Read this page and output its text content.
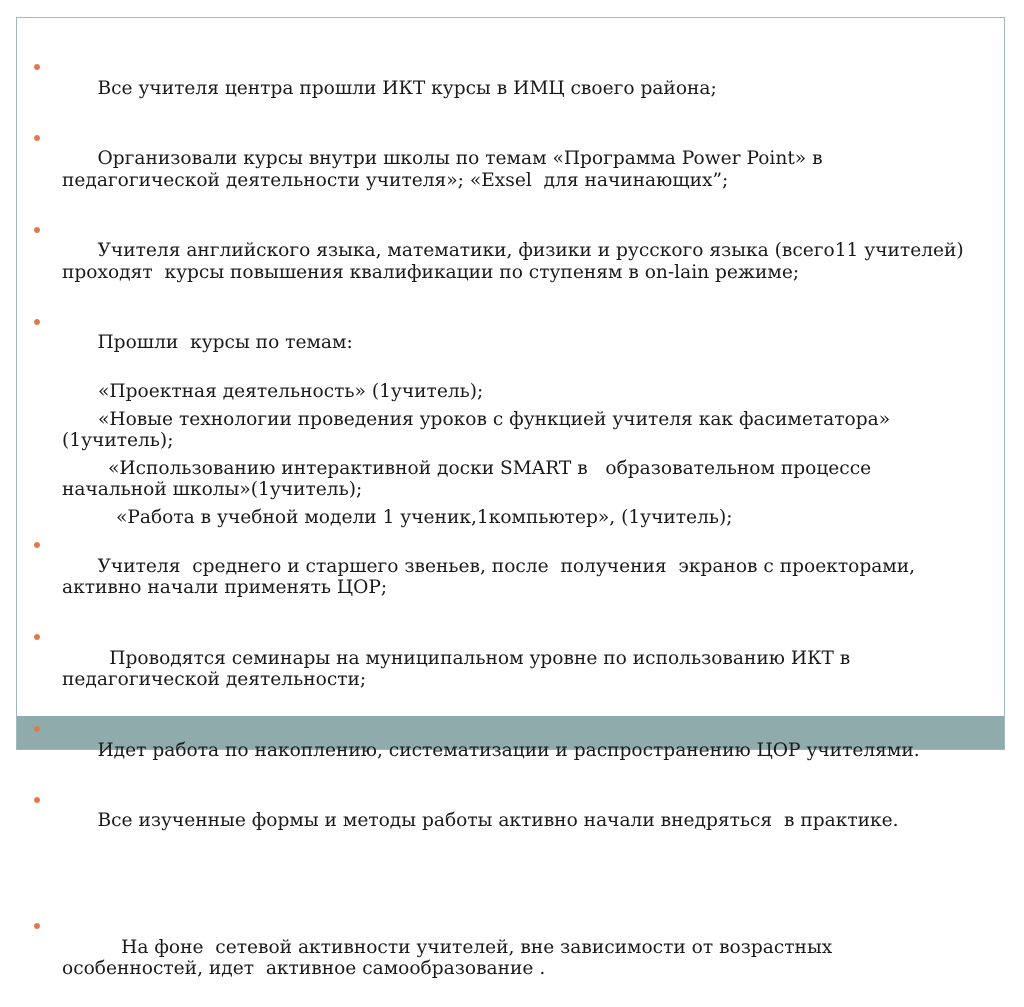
Все учителя центра прошли ИКТ курсы в ИМЦ своего района;

Организовали курсы внутри школы по темам «Программа Power Point» в педагогической деятельности учителя»; «Exsel  для начинающих”;

Учителя английского языка, математики, физики и русского языка (всего11 учителей) проходят  курсы повышения квалификации по ступеням в on-lain режиме;

Прошли  курсы по темам:

«Проектная деятельность» (1учитель);
«Новые технологии проведения уроков с функцией учителя как фасиметатора» (1учитель);
«Использованию интерактивной доски SMART в   образовательном процессе начальной школы»(1учитель);
«Работа в учебной модели 1 ученик,1компьютер», (1учитель);

Учителя  среднего и старшего звеньев, после  получения  экранов с проекторами, активно начали применять ЦОР;

Проводятся семинары на муниципальном уровне по использованию ИКТ в педагогической деятельности;

Идет работа по накоплению, систематизации и распространению ЦОР учителями.

Все изученные формы и методы работы активно начали внедряться  в практике.

На фоне  сетевой активности учителей, вне зависимости от возрастных особенностей, идет  активное самообразование .
